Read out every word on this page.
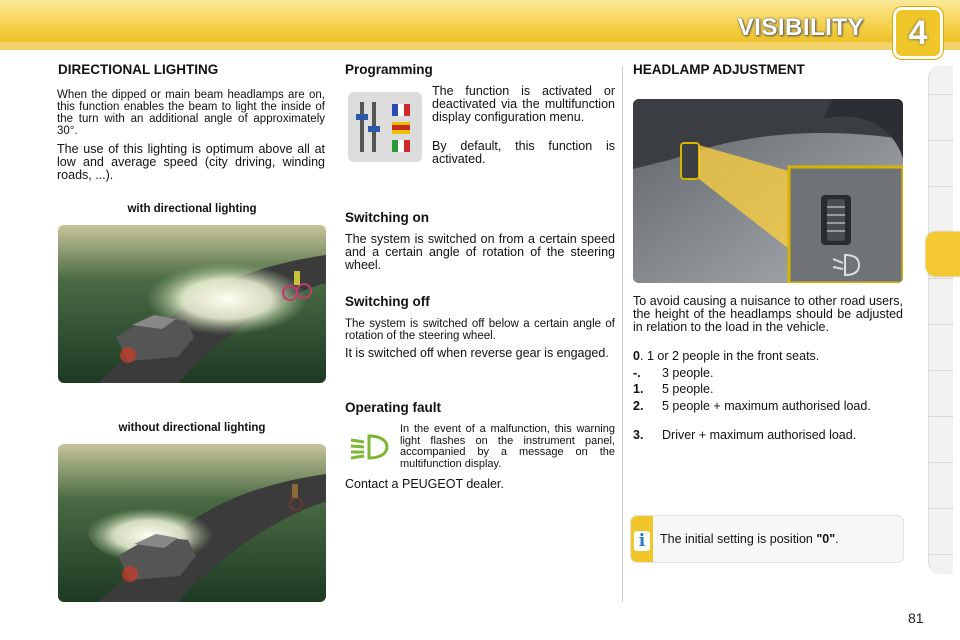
VISIBILITY	4
DIRECTIONAL LIGHTING

When the dipped or main beam headlamps are on, this function enables the beam to light the inside of the turn with an additional angle of approximately 30°.

The use of this lighting is optimum above all at low and average speed (city driving, winding roads, ...).

with directional lighting

without directional lighting

Programming

The function is activated or deactivated via the multifunction display configuration menu.

By default, this function is activated.

Switching on

The system is switched on from a certain speed and a certain angle of rotation of the steering wheel.

Switching off

The system is switched off below a certain angle of rotation of the steering wheel.

It is switched off when reverse gear is engaged.

Operating fault

In the event of a malfunction, this warning light flashes on the instrument panel, accompanied by a message on the multifunction display.

Contact a PEUGEOT dealer.

HEADLAMP ADJUSTMENT

To avoid causing a nuisance to other road users, the height of the headlamps should be adjusted in relation to the load in the vehicle.

0 . 1 or 2 people in the front seats.
-. 3 people.
1. 5 people.
2. 5 people + maximum authorised load.
3. Driver + maximum authorised load.
i	The initial setting is position "0".
81
